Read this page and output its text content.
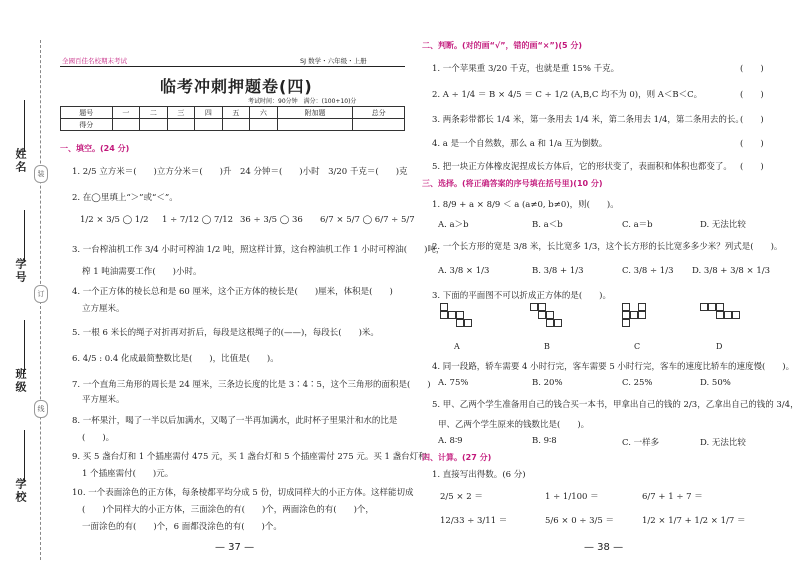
姓名
学号
班级
学校
装
订
线
全國百佳名校期末考试	SJ 数学・六年级・上册
临考冲刺押题卷(四)
考试时间：90分钟　满分：(100+10)分
题号	一	二	三	四	五	六	附加题	总分
得分								
一、填空。(24 分)
1. 2/5 立方米＝(　　)立方分米＝(　　)升　24 分钟＝(　　)小时　3/20 千克＝(　　)克
2. 在◯里填上“＞”或“＜”。
1/2 × 3/5 ◯ 1/2 1 ÷ 7/12 ◯ 7/12 36 ÷ 3/5 ◯ 36 6/7 × 5/7 ◯ 6/7 ÷ 5/7
3. 一台榨油机工作 3/4 小时可榨油 1/2 吨，照这样计算，这台榨油机工作 1 小时可榨油(　　)吨，
榨 1 吨油需要工作(　　)小时。
4. 一个正方体的棱长总和是 60 厘米，这个正方体的棱长是(　　)厘米，体积是(　　)
立方厘米。
5. 一根 6 米长的绳子对折再对折后，每段是这根绳子的(——)，每段长(　　)米。
6. 4/5 : 0.4 化成最简整数比是(　　)，比值是(　　)。
7. 一个直角三角形的周长是 24 厘米，三条边长度的比是 3∶4∶5，这个三角形的面积是(　　)
平方厘米。
8. 一杯果汁，喝了一半以后加满水，又喝了一半再加满水，此时杯子里果汁和水的比是
(　　)。
9. 买 5 盏台灯和 1 个插座需付 475 元，买 1 盏台灯和 5 个插座需付 275 元。买 1 盏台灯和
1 个插座需付(　　)元。
10. 一个表面涂色的正方体，每条棱都平均分成 5 份，切成同样大的小正方体。这样能切成
(　　)个同样大的小正方体，三面涂色的有(　　)个，两面涂色的有(　　)个，
一面涂色的有(　　)个，6 面都没涂色的有(　　)个。
— 37 —
二、判断。(对的画“√”，错的画“×”)(5 分)
1. 一个苹果重 3/20 千克，也就是重 15% 千克。	(　　)
2. A ÷ 1/4 ＝ B × 4/5 ＝ C ÷ 1/2 (A,B,C 均不为 0)，则 A＜B＜C。	(　　)
3. 两条彩带都长 1/4 米，第一条用去 1/4 米，第二条用去 1/4，第二条用去的长。
(　　)
4. a 是一个自然数，那么 a 和 1/a 互为倒数。	(　　)
5. 把一块正方体橡皮泥捏成长方体后，它的形状变了，表面积和体积也都变了。 (　　)
三、选择。(将正确答案的序号填在括号里)(10 分)
1. 8/9 + a × 8/9 ＜ a (a≠0, b≠0)，则(　　)。
A. a＞b	B. a＜b	C. a＝b	D. 无法比较
2. 一个长方形的宽是 3/8 米，长比宽多 1/3，这个长方形的长比宽多多少米？列式是(　　)。
A. 3/8 × 1/3	B. 3/8 + 1/3	C. 3/8 ÷ 1/3 D. 3/8 + 3/8 × 1/3
3. 下面的平面图不可以折成正方体的是(　　)。
A	B	C	D
4. 同一段路，轿车需要 4 小时行完，客车需要 5 小时行完，客车的速度比轿车的速度慢(　　)。
A. 75%	B. 20%	C. 25%	D. 50%
5. 甲、乙两个学生准备用自己的钱合买一本书，甲拿出自己的钱的 2/3，乙拿出自己的钱的 3/4，
甲、乙两个学生原来的钱数比是(　　)。
A. 8∶9	B. 9∶8	C. 一样多	D. 无法比较
四、计算。(27 分)
1. 直接写出得数。(6 分)
2/5 × 2 ＝	1 ÷ 1/100 ＝	6/7 + 1 ÷ 7 ＝
12/33 ÷ 3/11 ＝	5/6 × 0 ÷ 3/5 ＝	1/2 × 1/7 + 1/2 × 1/7 ＝
— 38 —
